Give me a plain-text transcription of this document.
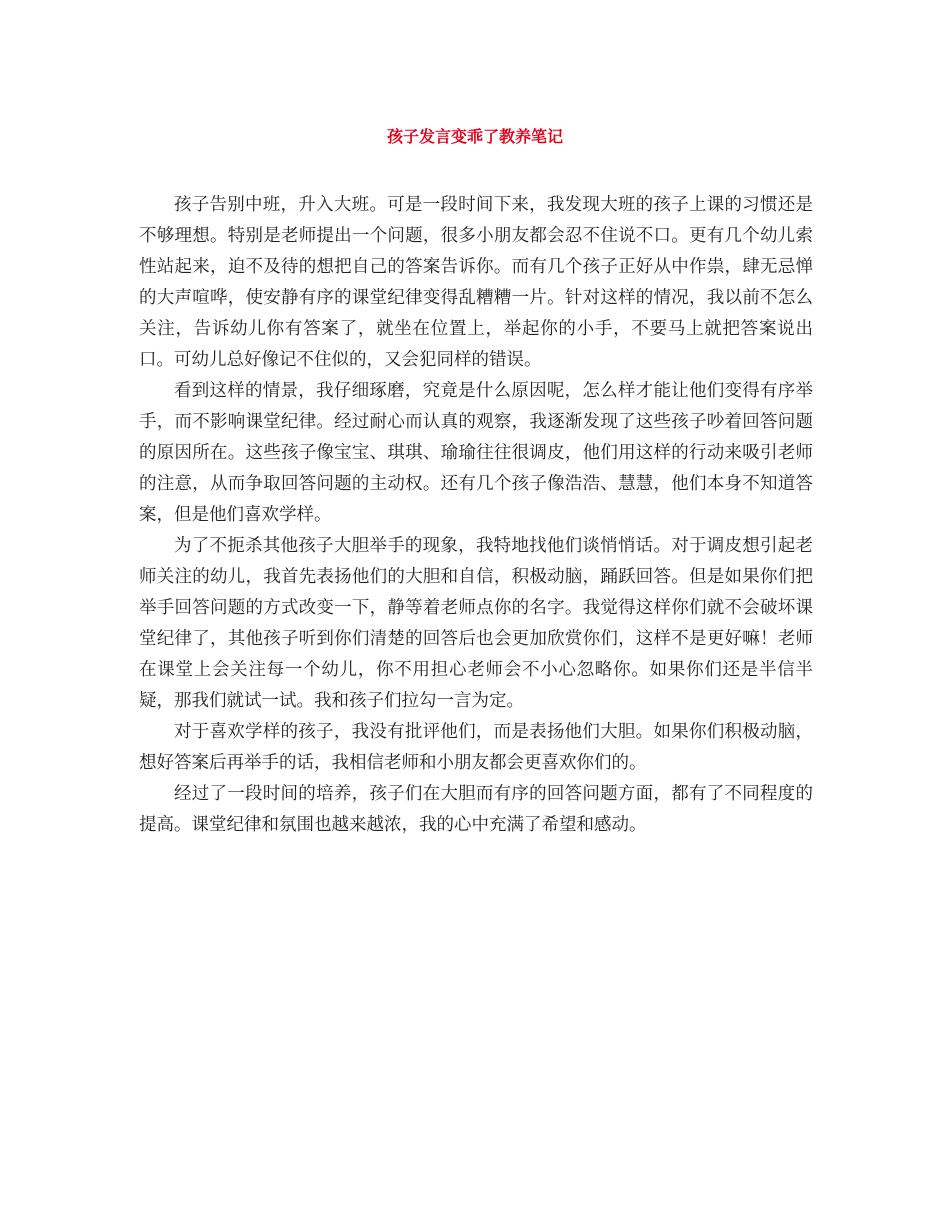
孩子发言变乖了教养笔记

孩子告别中班，升入大班。可是一段时间下来，我发现大班的孩子上课的习惯还是不够理想。特别是老师提出一个问题，很多小朋友都会忍不住说不口。更有几个幼儿索性站起来，迫不及待的想把自己的答案告诉你。而有几个孩子正好从中作祟，肆无忌惮的大声喧哗，使安静有序的课堂纪律变得乱糟糟一片。针对这样的情况，我以前不怎么关注，告诉幼儿你有答案了，就坐在位置上，举起你的小手，不要马上就把答案说出口。可幼儿总好像记不住似的，又会犯同样的错误。

看到这样的情景，我仔细琢磨，究竟是什么原因呢，怎么样才能让他们变得有序举手，而不影响课堂纪律。经过耐心而认真的观察，我逐渐发现了这些孩子吵着回答问题的原因所在。这些孩子像宝宝、琪琪、瑜瑜往往很调皮，他们用这样的行动来吸引老师的注意，从而争取回答问题的主动权。还有几个孩子像浩浩、慧慧，他们本身不知道答案，但是他们喜欢学样。

为了不扼杀其他孩子大胆举手的现象，我特地找他们谈悄悄话。对于调皮想引起老师关注的幼儿，我首先表扬他们的大胆和自信，积极动脑，踊跃回答。但是如果你们把举手回答问题的方式改变一下，静等着老师点你的名字。我觉得这样你们就不会破坏课堂纪律了，其他孩子听到你们清楚的回答后也会更加欣赏你们，这样不是更好嘛！老师在课堂上会关注每一个幼儿，你不用担心老师会不小心忽略你。如果你们还是半信半疑，那我们就试一试。我和孩子们拉勾一言为定。

对于喜欢学样的孩子，我没有批评他们，而是表扬他们大胆。如果你们积极动脑，想好答案后再举手的话，我相信老师和小朋友都会更喜欢你们的。

经过了一段时间的培养，孩子们在大胆而有序的回答问题方面，都有了不同程度的提高。课堂纪律和氛围也越来越浓，我的心中充满了希望和感动。
